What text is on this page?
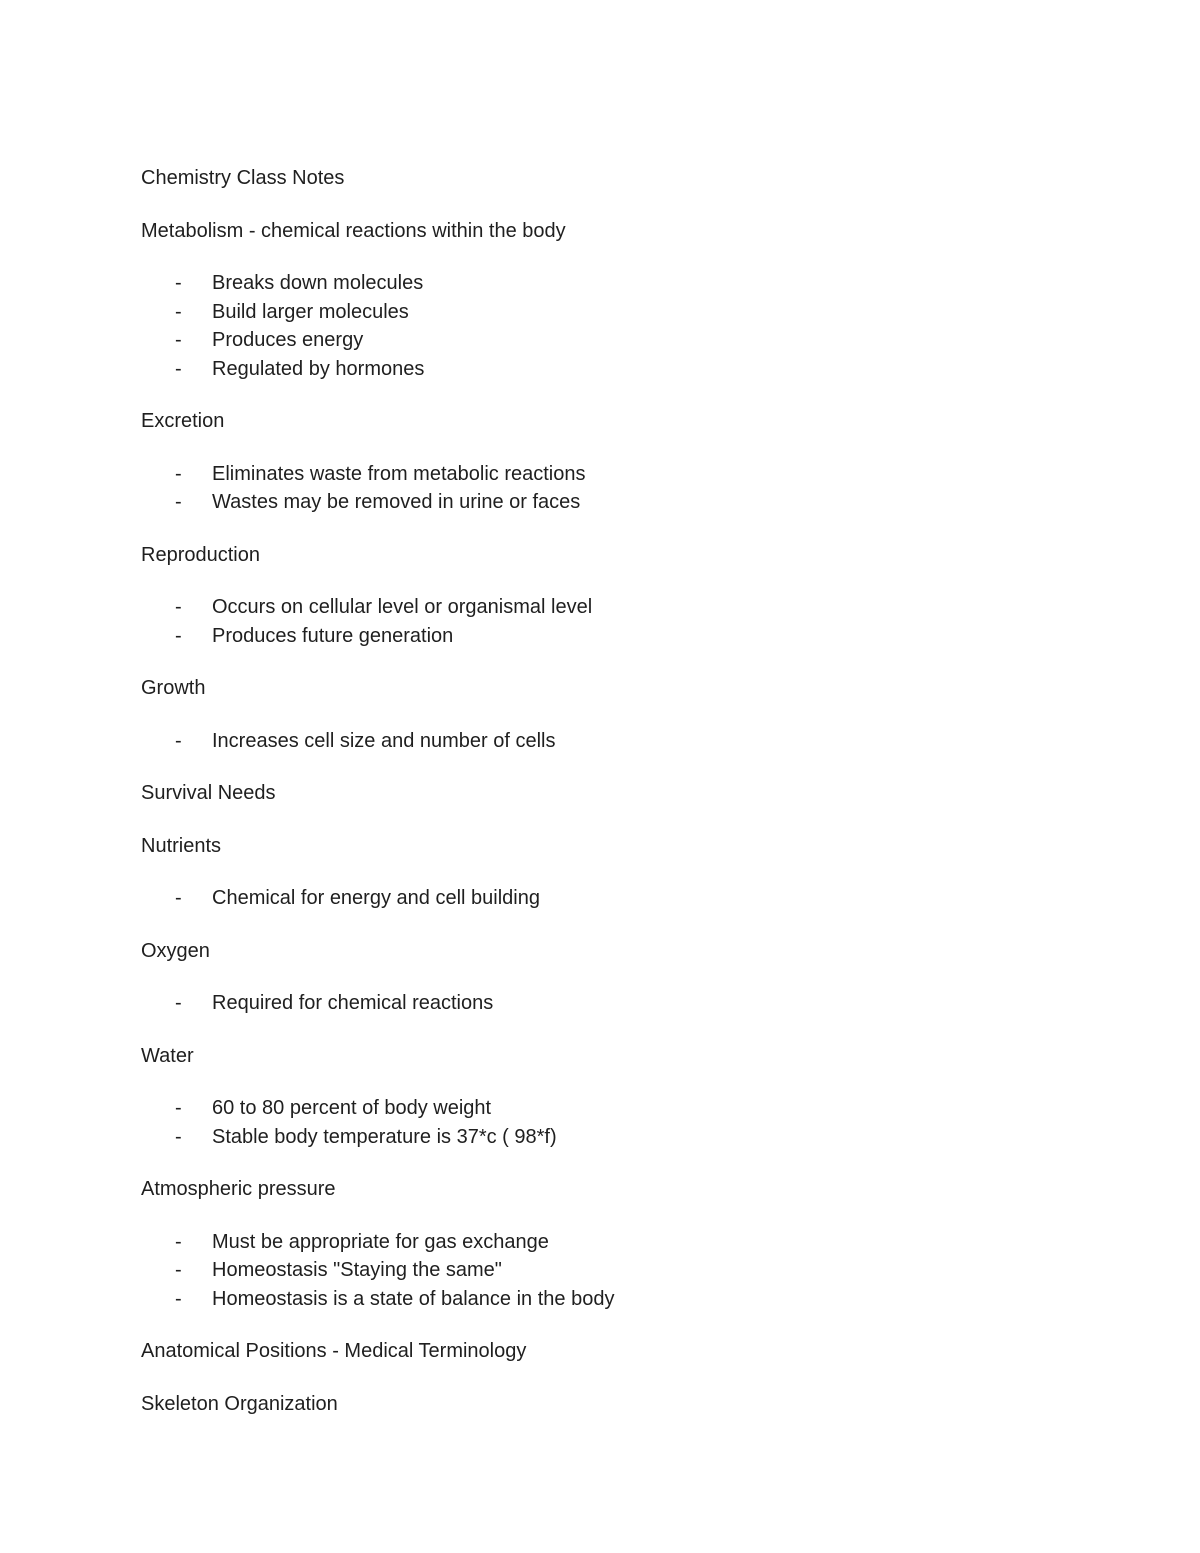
Chemistry Class Notes
Metabolism - chemical reactions within the body
- Breaks down molecules
- Build larger molecules
- Produces energy
- Regulated by hormones
Excretion
- Eliminates waste from metabolic reactions
- Wastes may be removed in urine or faces
Reproduction
- Occurs on cellular level or organismal level
- Produces future generation
Growth
- Increases cell size and number of cells
Survival Needs
Nutrients
- Chemical for energy and cell building
Oxygen
- Required for chemical reactions
Water
- 60 to 80 percent of body weight
- Stable body temperature is 37*c ( 98*f)
Atmospheric pressure
- Must be appropriate for gas exchange
- Homeostasis "Staying the same"
- Homeostasis is a state of balance in the body
Anatomical Positions - Medical Terminology
Skeleton Organization
